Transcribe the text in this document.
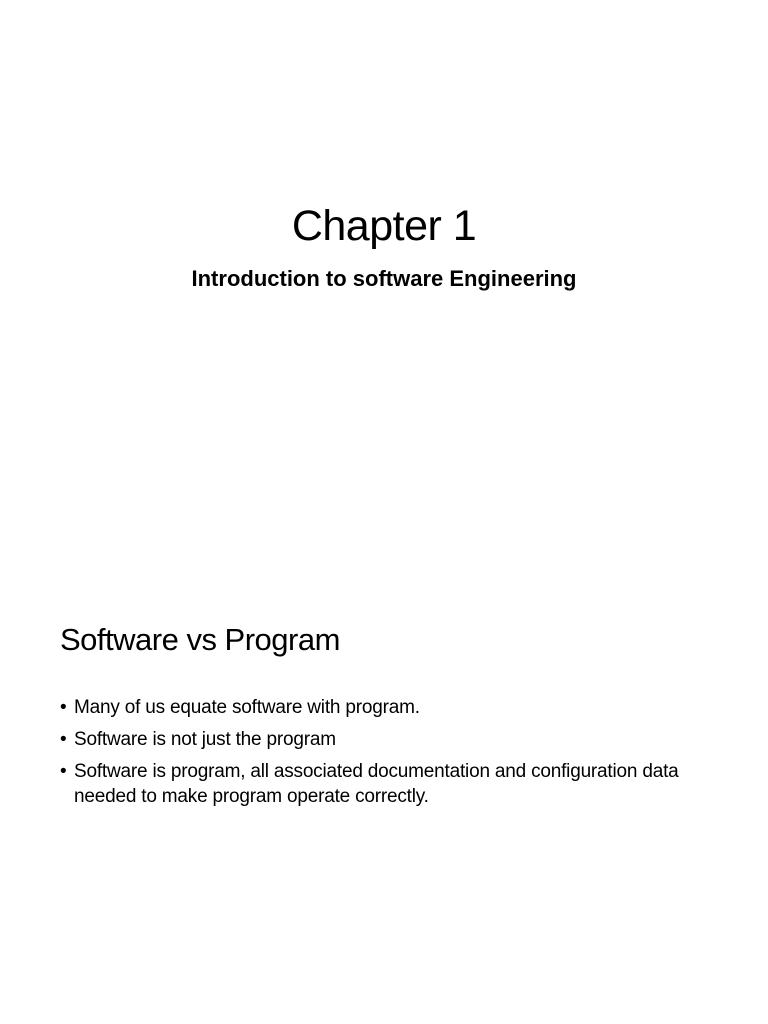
Chapter 1
Introduction to software Engineering
Software vs Program
• Many of us equate software with program.
• Software is not just the program
• Software is program, all associated documentation and configuration data needed to make program operate correctly.
